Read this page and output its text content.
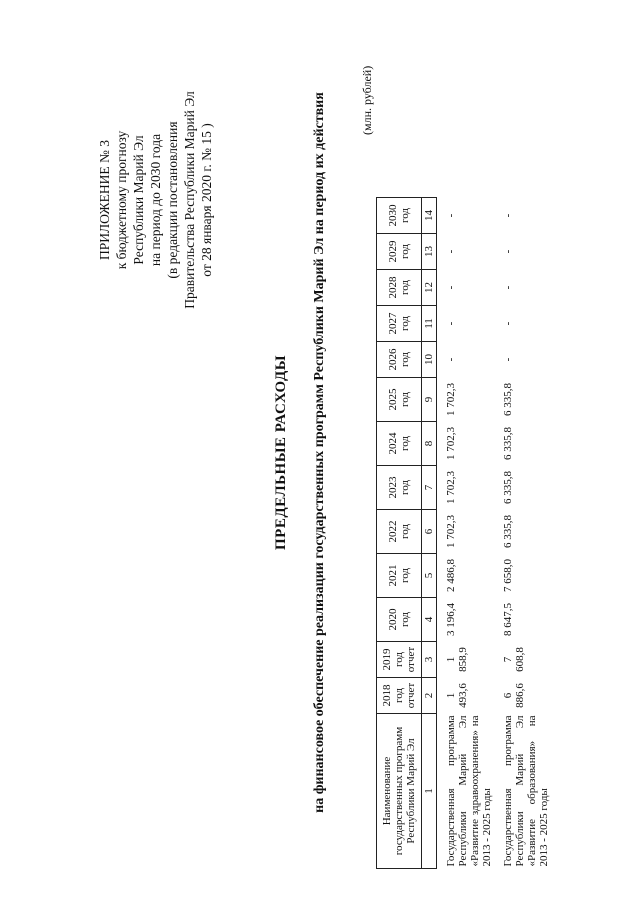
ПРИЛОЖЕНИЕ № 3 к бюджетному прогнозу Республики Марий Эл на период до 2030 года (в редакции постановления Правительства Республики Марий Эл от 28 января 2020 г. № 15 )
ПРЕДЕЛЬНЫЕ РАСХОДЫ на финансовое обеспечение реализации государственных программ Республики Марий Эл на период их действия	(млн. рублей)
Наименование государственных программ Республики Марий Эл	2018 год отчет	2019 год отчет	2020 год	2021 год	2022 год	2023 год	2024 год	2025 год	2026 год	2027 год	2028 год	2029 год	2030 год
1	2	3	4	5	6	7	8	9	10	11	12	13	14
Государственная программа Республики Марий Эл «Развитие здравоохранения» на 2013 - 2025 годы	1 493,6	1 858,9	3 196,4	2 486,8	1 702,3	1 702,3	1 702,3	1 702,3	-	-	-	-	-
Государственная программа Республики Марий Эл «Развитие образования» на 2013 - 2025 годы	6 886,6	7 608,8	8 647,5	7 658,0	6 335,8	6 335,8	6 335,8	6 335,8	-	-	-	-	-
